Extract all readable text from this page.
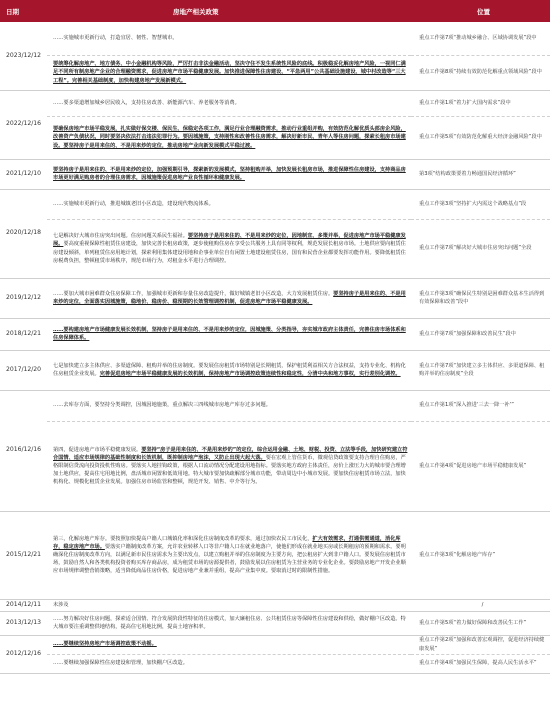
日期	房地产相关政策	位置
2023/12/12	……实施城市更新行动，打造宜居、韧性、智慧城市。	重点工作第7项“推动城乡融合、区域协调发展”段中
	要统筹化解房地产、地方债务、中小金融机构等风险，严厉打击非法金融活动，坚决守住不发生系统性风险的底线。积极稳妥化解房地产风险，一视同仁满足不同所有制房地产企业的合理融资需求，促进房地产市场平稳健康发展。加快推进保障性住房建设、“平急两用”公共基础设施建设、城中村改造等“三大工程”。完善相关基础制度，加快构建房地产发展新模式。	重点工作第8项“持续有效防范化解重点领域风险”段中
2022/12/16	……要多渠道增加城乡居民收入，支持住房改善、新能源汽车、养老服务等消费。	重点工作第1项“着力扩大国内需求”段中
	要确保房地产市场平稳发展，扎实做好保交楼、保民生、保稳定各项工作，满足行业合理融资需求，推动行业重组并购，有效防范化解优质头部房企风险，改善资产负债状况，同时要坚决依法打击违法犯罪行为。要因城施策，支持刚性和改善性住房需求，解决好新市民、青年人等住房问题，探索长租房市场建设。要坚持房子是用来住的、不是用来炒的定位，推动房地产业向新发展模式平稳过渡。	重点工作第5项“有效防范化解重大经济金融风险”段中
2021/12/10	要坚持房子是用来住的、不是用来炒的定位，加强预期引导，探索新的发展模式，坚持租购并举，加快发展长租房市场，推进保障性住房建设，支持商品房市场更好满足购房者的合理住房需求，因城施策促进房地产业良性循环和健康发展。	第3项“结构政策要着力畅通国民经济循环”
2020/12/18	……实施城市更新行动，推进城镇老旧小区改造，建设现代物流体系。	重点工作第3项“坚持扩大内需这个战略基点”段
	七是解决好大城市住房突出问题。住房问题关系民生福祉。要坚持房子是用来住的、不是用来炒的定位，因地制宜、多策并举，促进房地产市场平稳健康发展。要高度重视保障性租赁住房建设，加快完善长租房政策，逐步使租购住房在享受公共服务上具有同等权利，规范发展长租房市场。土地供应要向租赁住房建设倾斜，单列租赁住房用地计划，探索利用集体建设用地和企事业单位自有闲置土地建设租赁住房，国有和民营企业都要发挥功能作用。要降低租赁住房税费负担，整顿租赁市场秩序，规范市场行为，对租金水平进行合理调控。	重点工作第7项“解决好大城市住房突出问题”全段
2019/12/12	……要加大城市困难群众住房保障工作，加强城市更新和存量住房改造提升，做好城镇老旧小区改造，大力发展租赁住房。要坚持房子是用来住的、不是用来炒的定位，全面落实因城施策，稳地价、稳房价、稳预期的长效管理调控机制，促进房地产市场平稳健康发展。	重点工作第3项“确保民生特别是困难群众基本生活得到有效保障和改善”段中
2018/12/21	……要构建房地产市场健康发展长效机制，坚持房子是用来住的、不是用来炒的定位，因城施策、分类指导，夯实城市政府主体责任，完善住房市场体系和住房保障体系。	重点工作第7项“加强保障和改善民生”段中
2017/12/20	七是加快建立多主体供应、多渠道保障、租购并举的住房制度。要发展住房租赁市场特别是长期租赁，保护租赁利益相关方合法权益，支持专业化、机构化住房租赁企业发展。完善促进房地产市场平稳健康发展的长效机制，保持房地产市场调控政策连续性和稳定性，分清中央和地方事权，实行差别化调控。	重点工作第7项“加快建立多主体供应、多渠道保障、租购并举的住房制度”全段
2016/12/16	……去库存方面，要坚持分类调控，因城因地施策，重点解决三四线城市房地产库存过多问题。	重点工作第1项“深入推进‘三去一降一补’”
	第四，促进房地产市场平稳健康发展。要坚持“房子是用来住的、不是用来炒的”的定位，综合运用金融、土地、财税、投资、立法等手段，加快研究建立符合国情、适应市场规律的基础性制度和长效机制，既抑制房地产泡沫，又防止出现大起大落。要在宏观上管住货币，微观信贷政策要支持合理自住购房，严格限制信贷流向投资投机性购房。要落实人地挂钩政策，根据人口流动情况分配建设用地指标。要落实地方政府主体责任，房价上涨压力大的城市要合理增加土地供应，提高住宅用地比例，盘活城市闲置和低效用地。特大城市要加快疏解部分城市功能，带动周边中小城市发展。要加快住房租赁市场立法，加快机构化、规模化租赁企业发展。加强住房市场监管和整顿，规范开发、销售、中介等行为。	重点工作第4项“促进房地产市场平稳健康发展”
2015/12/21	第三，化解房地产库存。要按照加快提高户籍人口城镇化率和深化住房制度改革的要求，通过加快农民工市民化，扩大有效需求，打通供需通道，消化库存，稳定房地产市场。要落实户籍制度改革方案，允许农业转移人口等非户籍人口在就业地落户，使他们形成在就业地买房或长期租房的预期和需求。要明确深化住房制度改革方向，以满足新市民住房需求为主要出发点，以建立购租并举的住房制度为主要方向，把公租房扩大到非户籍人口。要发展住房租赁市场，鼓励自然人和各类机构投资者购买库存商品房，成为租赁市场的房源提供者，鼓励发展以住房租赁为主营业务的专业化企业。要鼓励房地产开发企业顺应市场规律调整营销策略，适当降低商品住房价格，促进房地产业兼并重组，提高产业集中度。要取消过时的限制性措施。	重点工作第3项“化解房地产库存”
2014/12/11	未涉及	/
2013/12/13	……努力解决好住房问题，探索适合国情、符合发展阶段性特征的住房模式，加大廉租住房、公共租赁住房等保障性住房建设和供给，做好棚户区改造。特大城市要注重调整供地结构，提高住宅用地比例，提高土地容积率。	重点工作第5项“着力做好保障和改善民生工作”
2012/12/16	……要继续坚持房地产市场调控政策不动摇。	重点工作第2项“加强和改善宏观调控，促进经济持续健康发展”
	……要继续加强保障性住房建设和管理，加快棚户区改造。	重点工作第4项“加强民生保障，提高人民生活水平”
